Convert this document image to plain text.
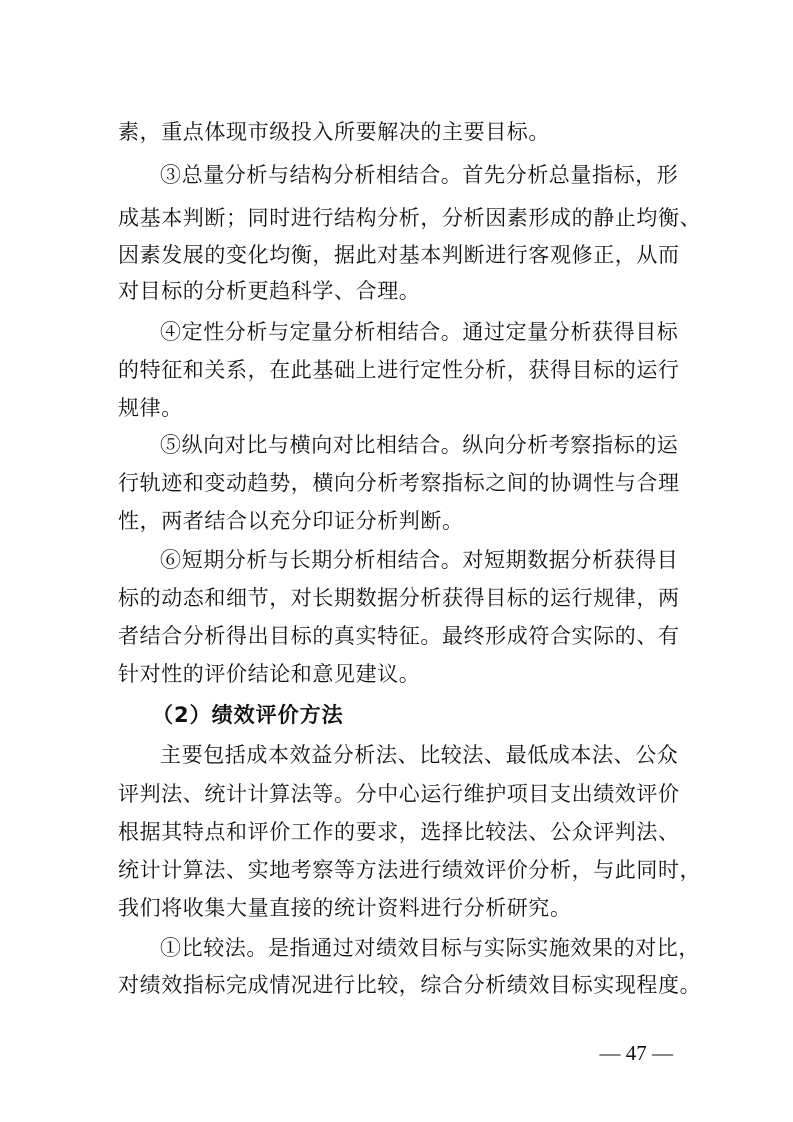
素，重点体现市级投入所要解决的主要目标。
③总量分析与结构分析相结合。首先分析总量指标，形
成基本判断；同时进行结构分析，分析因素形成的静止均衡、
因素发展的变化均衡，据此对基本判断进行客观修正，从而
对目标的分析更趋科学、合理。
④定性分析与定量分析相结合。通过定量分析获得目标
的特征和关系，在此基础上进行定性分析，获得目标的运行
规律。
⑤纵向对比与横向对比相结合。纵向分析考察指标的运
行轨迹和变动趋势，横向分析考察指标之间的协调性与合理
性，两者结合以充分印证分析判断。
⑥短期分析与长期分析相结合。对短期数据分析获得目
标的动态和细节，对长期数据分析获得目标的运行规律，两
者结合分析得出目标的真实特征。最终形成符合实际的、有
针对性的评价结论和意见建议。
（2）绩效评价方法
主要包括成本效益分析法、比较法、最低成本法、公众
评判法、统计计算法等。分中心运行维护项目支出绩效评价
根据其特点和评价工作的要求，选择比较法、公众评判法、
统计计算法、实地考察等方法进行绩效评价分析，与此同时，
我们将收集大量直接的统计资料进行分析研究。
①比较法。是指通过对绩效目标与实际实施效果的对比，
对绩效指标完成情况进行比较，综合分析绩效目标实现程度。
— 47 —
